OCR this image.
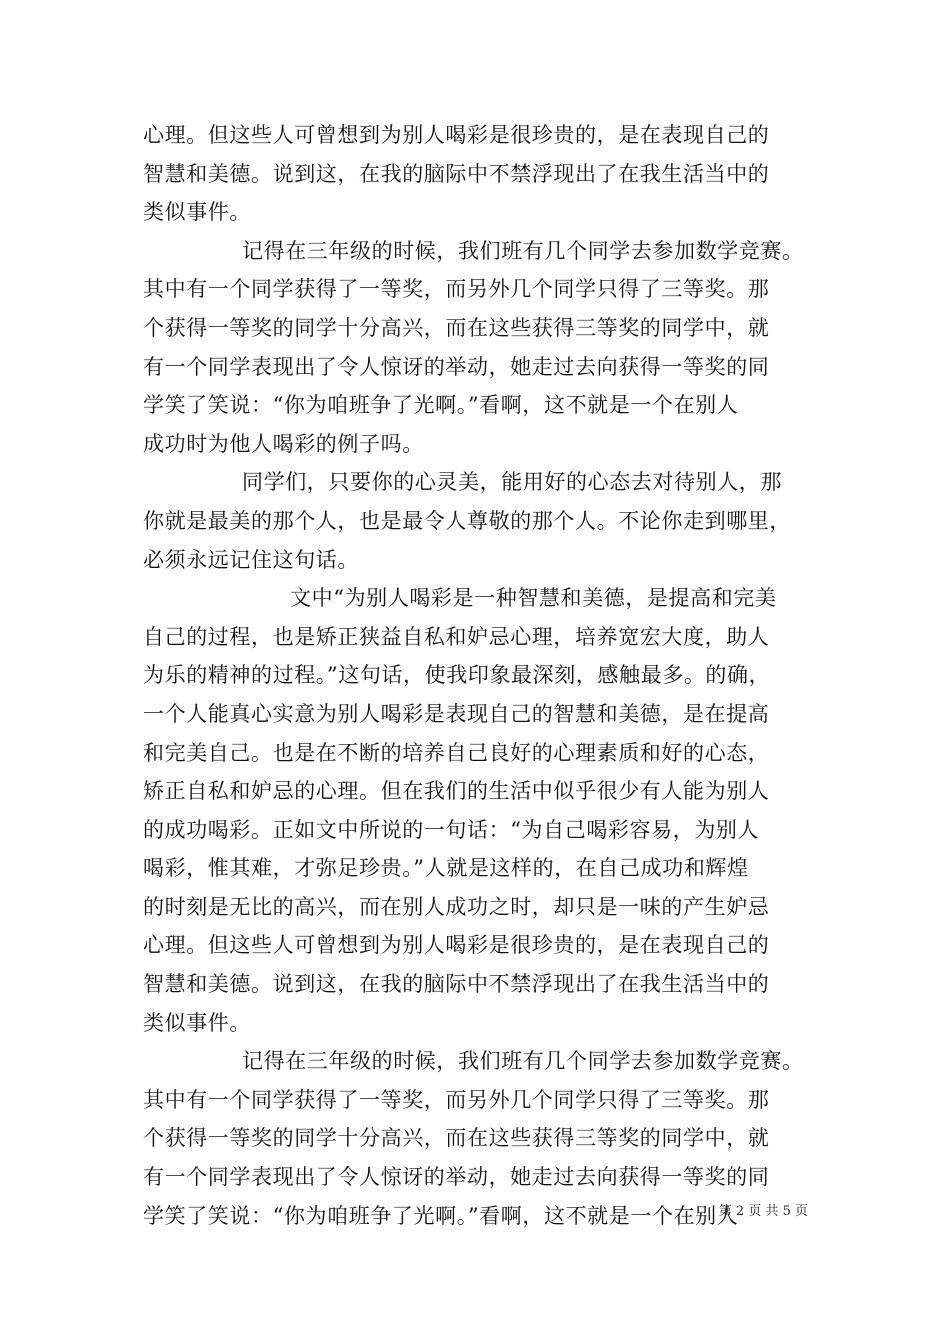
心理。但这些人可曾想到为别人喝彩是很珍贵的，是在表现自己的
智慧和美德。说到这，在我的脑际中不禁浮现出了在我生活当中的
类似事件。
记得在三年级的时候，我们班有几个同学去参加数学竞赛。
其中有一个同学获得了一等奖，而另外几个同学只得了三等奖。那
个获得一等奖的同学十分高兴，而在这些获得三等奖的同学中，就
有一个同学表现出了令人惊讶的举动，她走过去向获得一等奖的同
学笑了笑说：“你为咱班争了光啊。”看啊，这不就是一个在别人
成功时为他人喝彩的例子吗。
同学们，只要你的心灵美，能用好的心态去对待别人，那
你就是最美的那个人，也是最令人尊敬的那个人。不论你走到哪里，
必须永远记住这句话。
文中“为别人喝彩是一种智慧和美德，是提高和完美
自己的过程，也是矫正狭益自私和妒忌心理，培养宽宏大度，助人
为乐的精神的过程。”这句话，使我印象最深刻，感触最多。的确，
一个人能真心实意为别人喝彩是表现自己的智慧和美德，是在提高
和完美自己。也是在不断的培养自己良好的心理素质和好的心态，
矫正自私和妒忌的心理。但在我们的生活中似乎很少有人能为别人
的成功喝彩。正如文中所说的一句话：“为自己喝彩容易，为别人
喝彩，惟其难，才弥足珍贵。”人就是这样的，在自己成功和辉煌
的时刻是无比的高兴，而在别人成功之时，却只是一味的产生妒忌
心理。但这些人可曾想到为别人喝彩是很珍贵的，是在表现自己的
智慧和美德。说到这，在我的脑际中不禁浮现出了在我生活当中的
类似事件。
记得在三年级的时候，我们班有几个同学去参加数学竞赛。
其中有一个同学获得了一等奖，而另外几个同学只得了三等奖。那
个获得一等奖的同学十分高兴，而在这些获得三等奖的同学中，就
有一个同学表现出了令人惊讶的举动，她走过去向获得一等奖的同
学笑了笑说：“你为咱班争了光啊。”看啊，这不就是一个在别人
第 2 页 共 5 页
